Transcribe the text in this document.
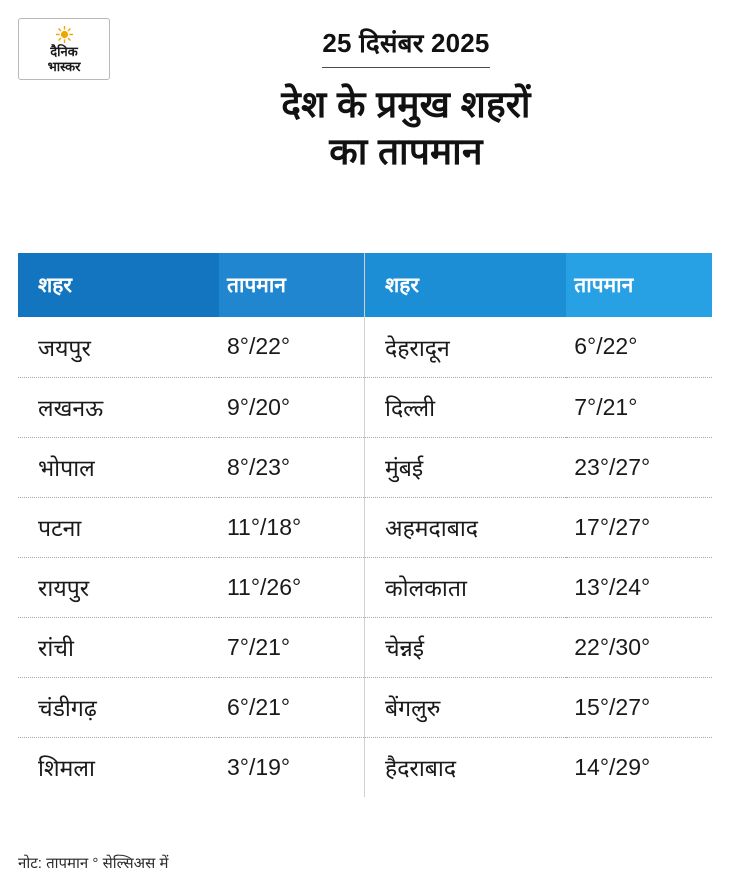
दैनिक
भास्कर
25 दिसंबर 2025
देश के प्रमुख शहरों
का तापमान
शहर	तापमान
जयपुर	8°/22°
लखनऊ	9°/20°
भोपाल	8°/23°
पटना	11°/18°
रायपुर	11°/26°
रांची	7°/21°
चंडीगढ़	6°/21°
शिमला	3°/19°
शहर	तापमान
देहरादून	6°/22°
दिल्ली	7°/21°
मुंबई	23°/27°
अहमदाबाद	17°/27°
कोलकाता	13°/24°
चेन्नई	22°/30°
बेंगलुरु	15°/27°
हैदराबाद	14°/29°
नोट: तापमान ° सेल्सिअस में
